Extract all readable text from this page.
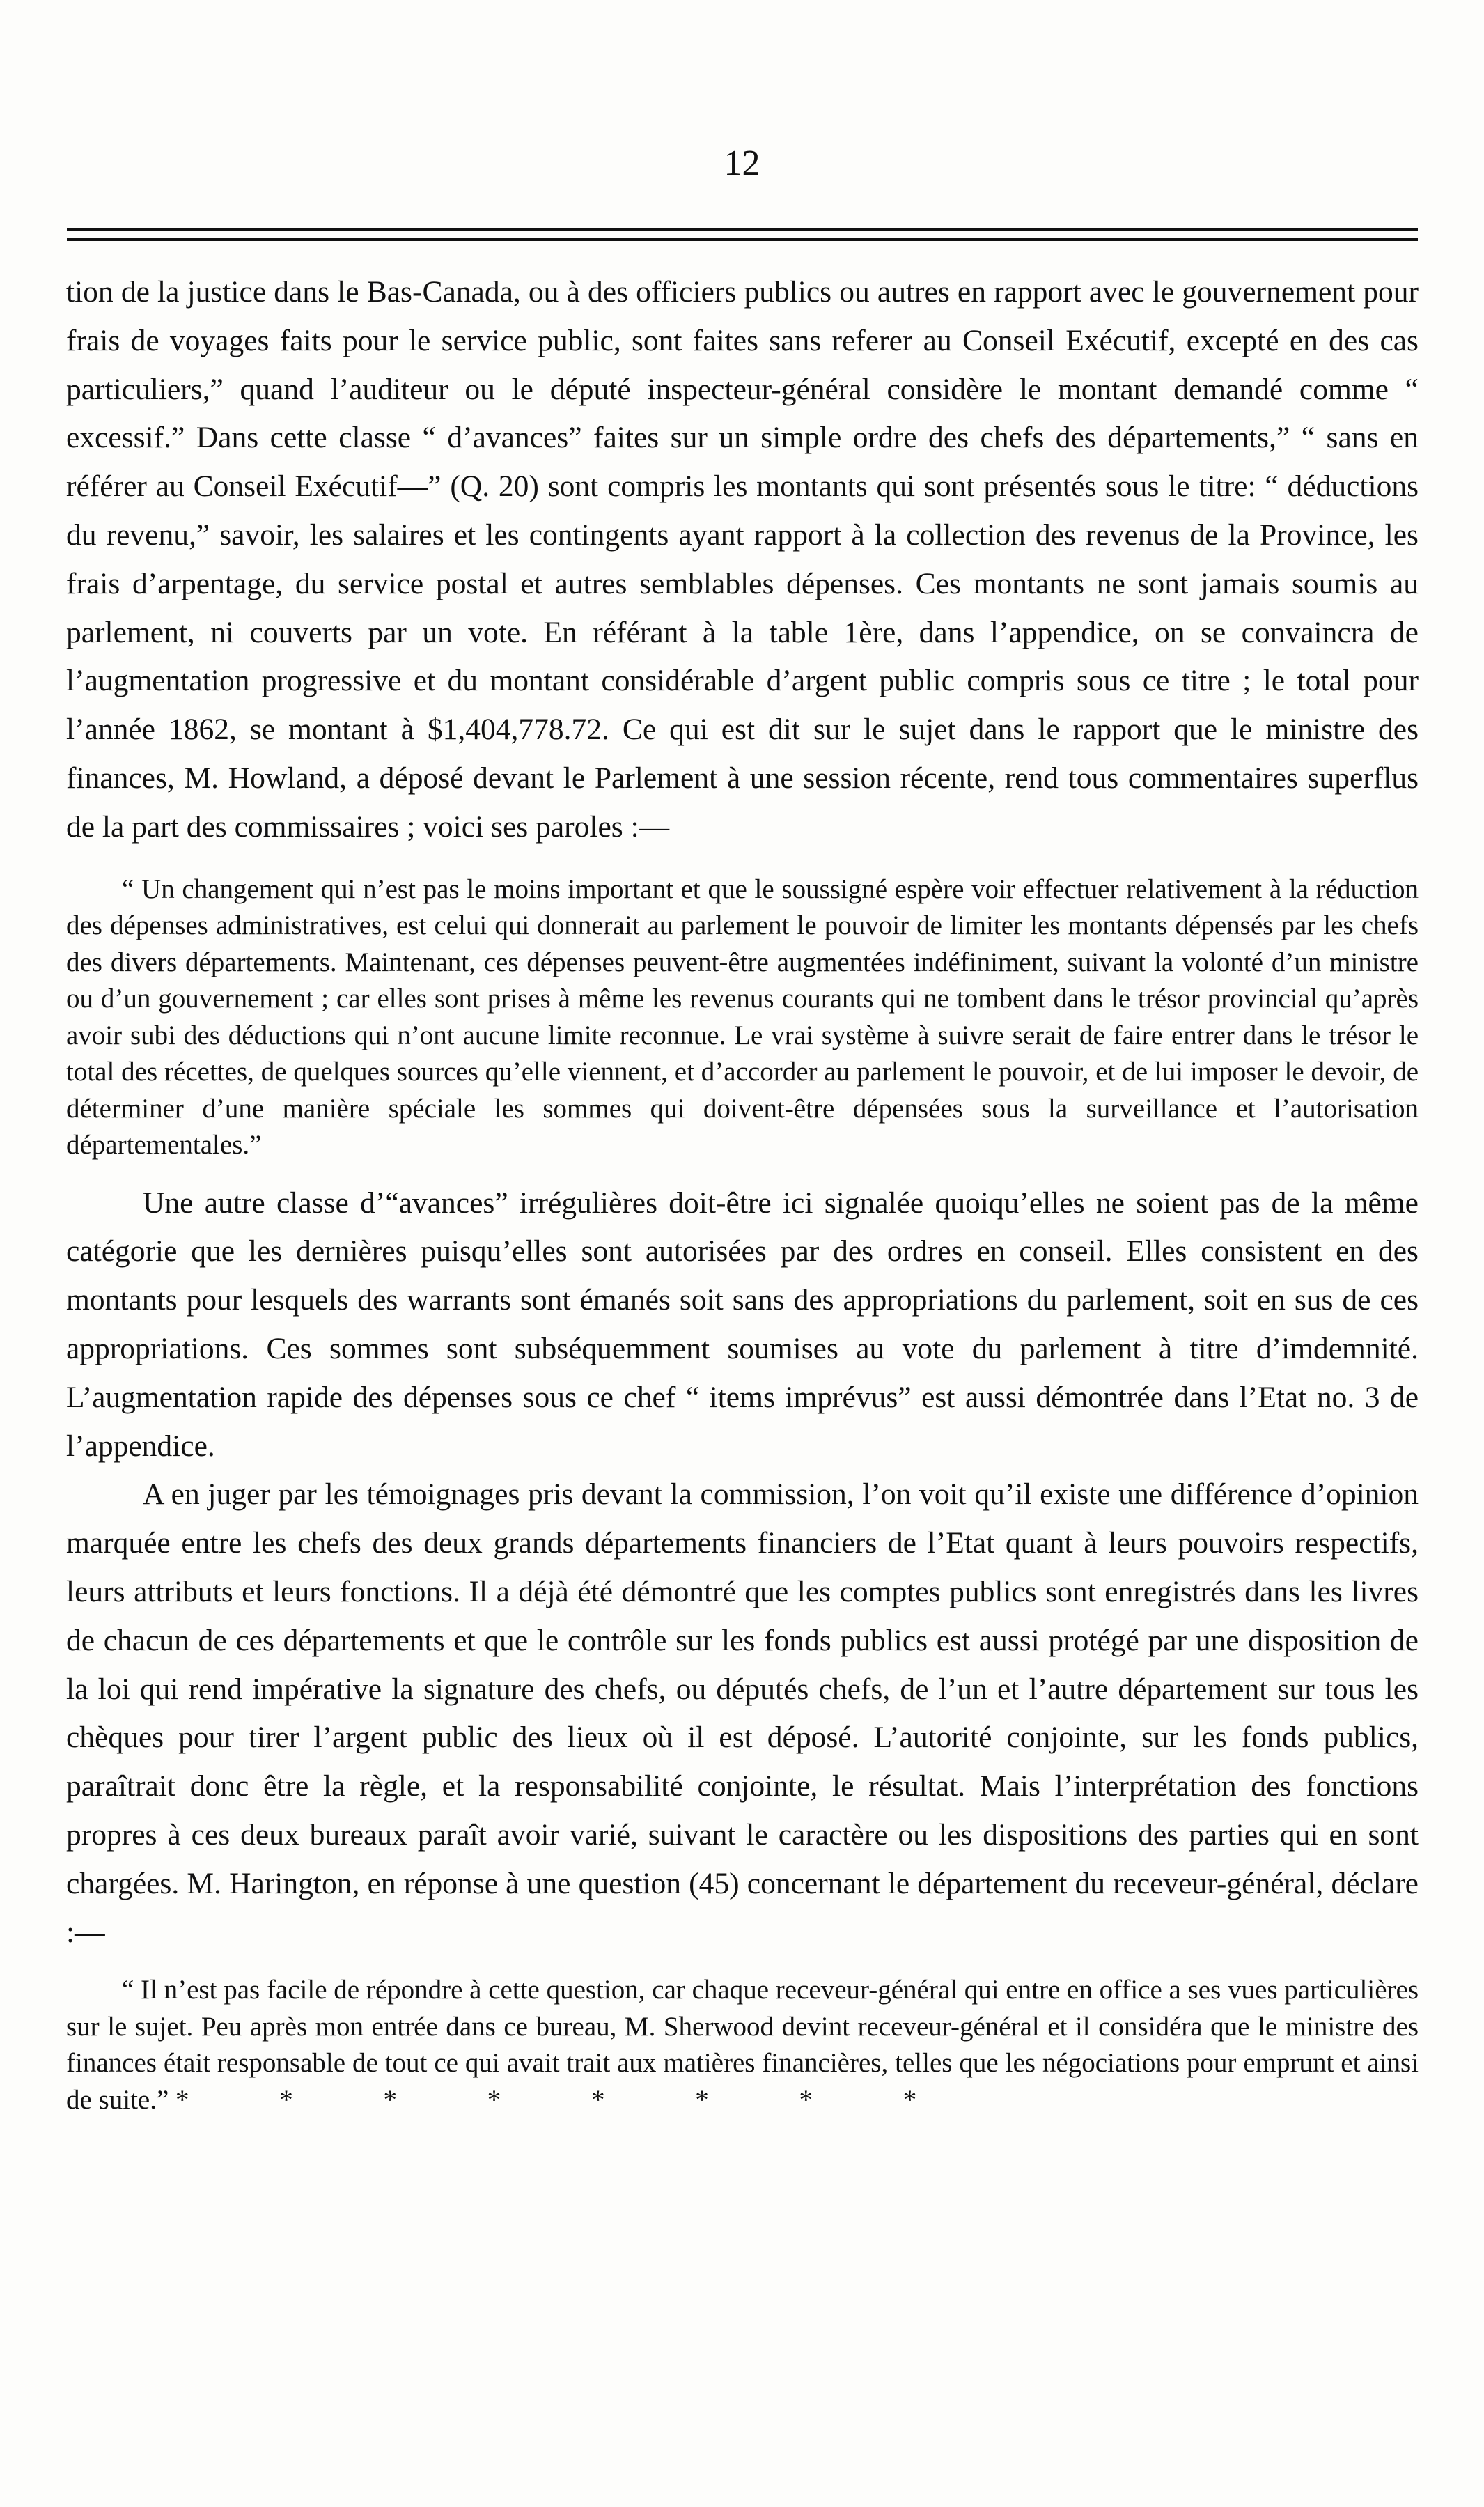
12

tion de la justice dans le Bas-Canada, ou à des officiers publics ou autres en rapport avec le gouvernement pour frais de voyages faits pour le service public, sont faites sans referer au Conseil Exécutif, excepté en des cas particuliers,” quand l’auditeur ou le député inspecteur-général considère le montant demandé comme “ excessif.” Dans cette classe “ d’avances” faites sur un simple ordre des chefs des départements,” “ sans en référer au Conseil Exécutif—” (Q. 20) sont compris les montants qui sont présentés sous le titre: “ déductions du revenu,” savoir, les salaires et les contingents ayant rapport à la collection des revenus de la Province, les frais d’arpentage, du service postal et autres semblables dépenses. Ces montants ne sont jamais soumis au parlement, ni couverts par un vote. En référant à la table 1ère, dans l’appendice, on se convaincra de l’augmentation progressive et du montant considérable d’argent public compris sous ce titre ; le total pour l’année 1862, se montant à $1,404,778.72. Ce qui est dit sur le sujet dans le rapport que le ministre des finances, M. Howland, a déposé devant le Parlement à une session récente, rend tous commentaires superflus de la part des commissaires ; voici ses paroles :—

“ Un changement qui n’est pas le moins important et que le soussigné espère voir effectuer relativement à la réduction des dépenses administratives, est celui qui donnerait au parlement le pouvoir de limiter les montants dépensés par les chefs des divers départements. Maintenant, ces dépenses peuvent-être augmentées indéfiniment, suivant la volonté d’un ministre ou d’un gouvernement ; car elles sont prises à même les revenus courants qui ne tombent dans le trésor provincial qu’après avoir subi des déductions qui n’ont aucune limite reconnue. Le vrai système à suivre serait de faire entrer dans le trésor le total des récettes, de quelques sources qu’elle viennent, et d’accorder au parlement le pouvoir, et de lui imposer le devoir, de déterminer d’une manière spéciale les sommes qui doivent-être dépensées sous la surveillance et l’autorisation départementales.”

Une autre classe d’“avances” irrégulières doit-être ici signalée quoiqu’elles ne soient pas de la même catégorie que les dernières puisqu’elles sont autorisées par des ordres en conseil. Elles consistent en des montants pour lesquels des warrants sont émanés soit sans des appropriations du parlement, soit en sus de ces appropriations. Ces sommes sont subséquemment soumises au vote du parlement à titre d’imdemnité. L’augmentation rapide des dépenses sous ce chef “ items imprévus” est aussi démontrée dans l’Etat no. 3 de l’appendice.

A en juger par les témoignages pris devant la commission, l’on voit qu’il existe une différence d’opinion marquée entre les chefs des deux grands départements financiers de l’Etat quant à leurs pouvoirs respectifs, leurs attributs et leurs fonctions. Il a déjà été démontré que les comptes publics sont enregistrés dans les livres de chacun de ces départements et que le contrôle sur les fonds publics est aussi protégé par une disposition de la loi qui rend impérative la signature des chefs, ou députés chefs, de l’un et l’autre département sur tous les chèques pour tirer l’argent public des lieux où il est déposé. L’autorité conjointe, sur les fonds publics, paraîtrait donc être la règle, et la responsabilité conjointe, le résultat. Mais l’interprétation des fonctions propres à ces deux bureaux paraît avoir varié, suivant le caractère ou les dispositions des parties qui en sont chargées. M. Harington, en réponse à une question (45) concernant le département du receveur-général, déclare :—

“ Il n’est pas facile de répondre à cette question, car chaque receveur-général qui entre en office a ses vues particulières sur le sujet. Peu après mon entrée dans ce bureau, M. Sherwood devint receveur-général et il considéra que le ministre des finances était responsable de tout ce qui avait trait aux matières financières, telles que les négociations pour emprunt et ainsi de suite.” * * * * * * * *
